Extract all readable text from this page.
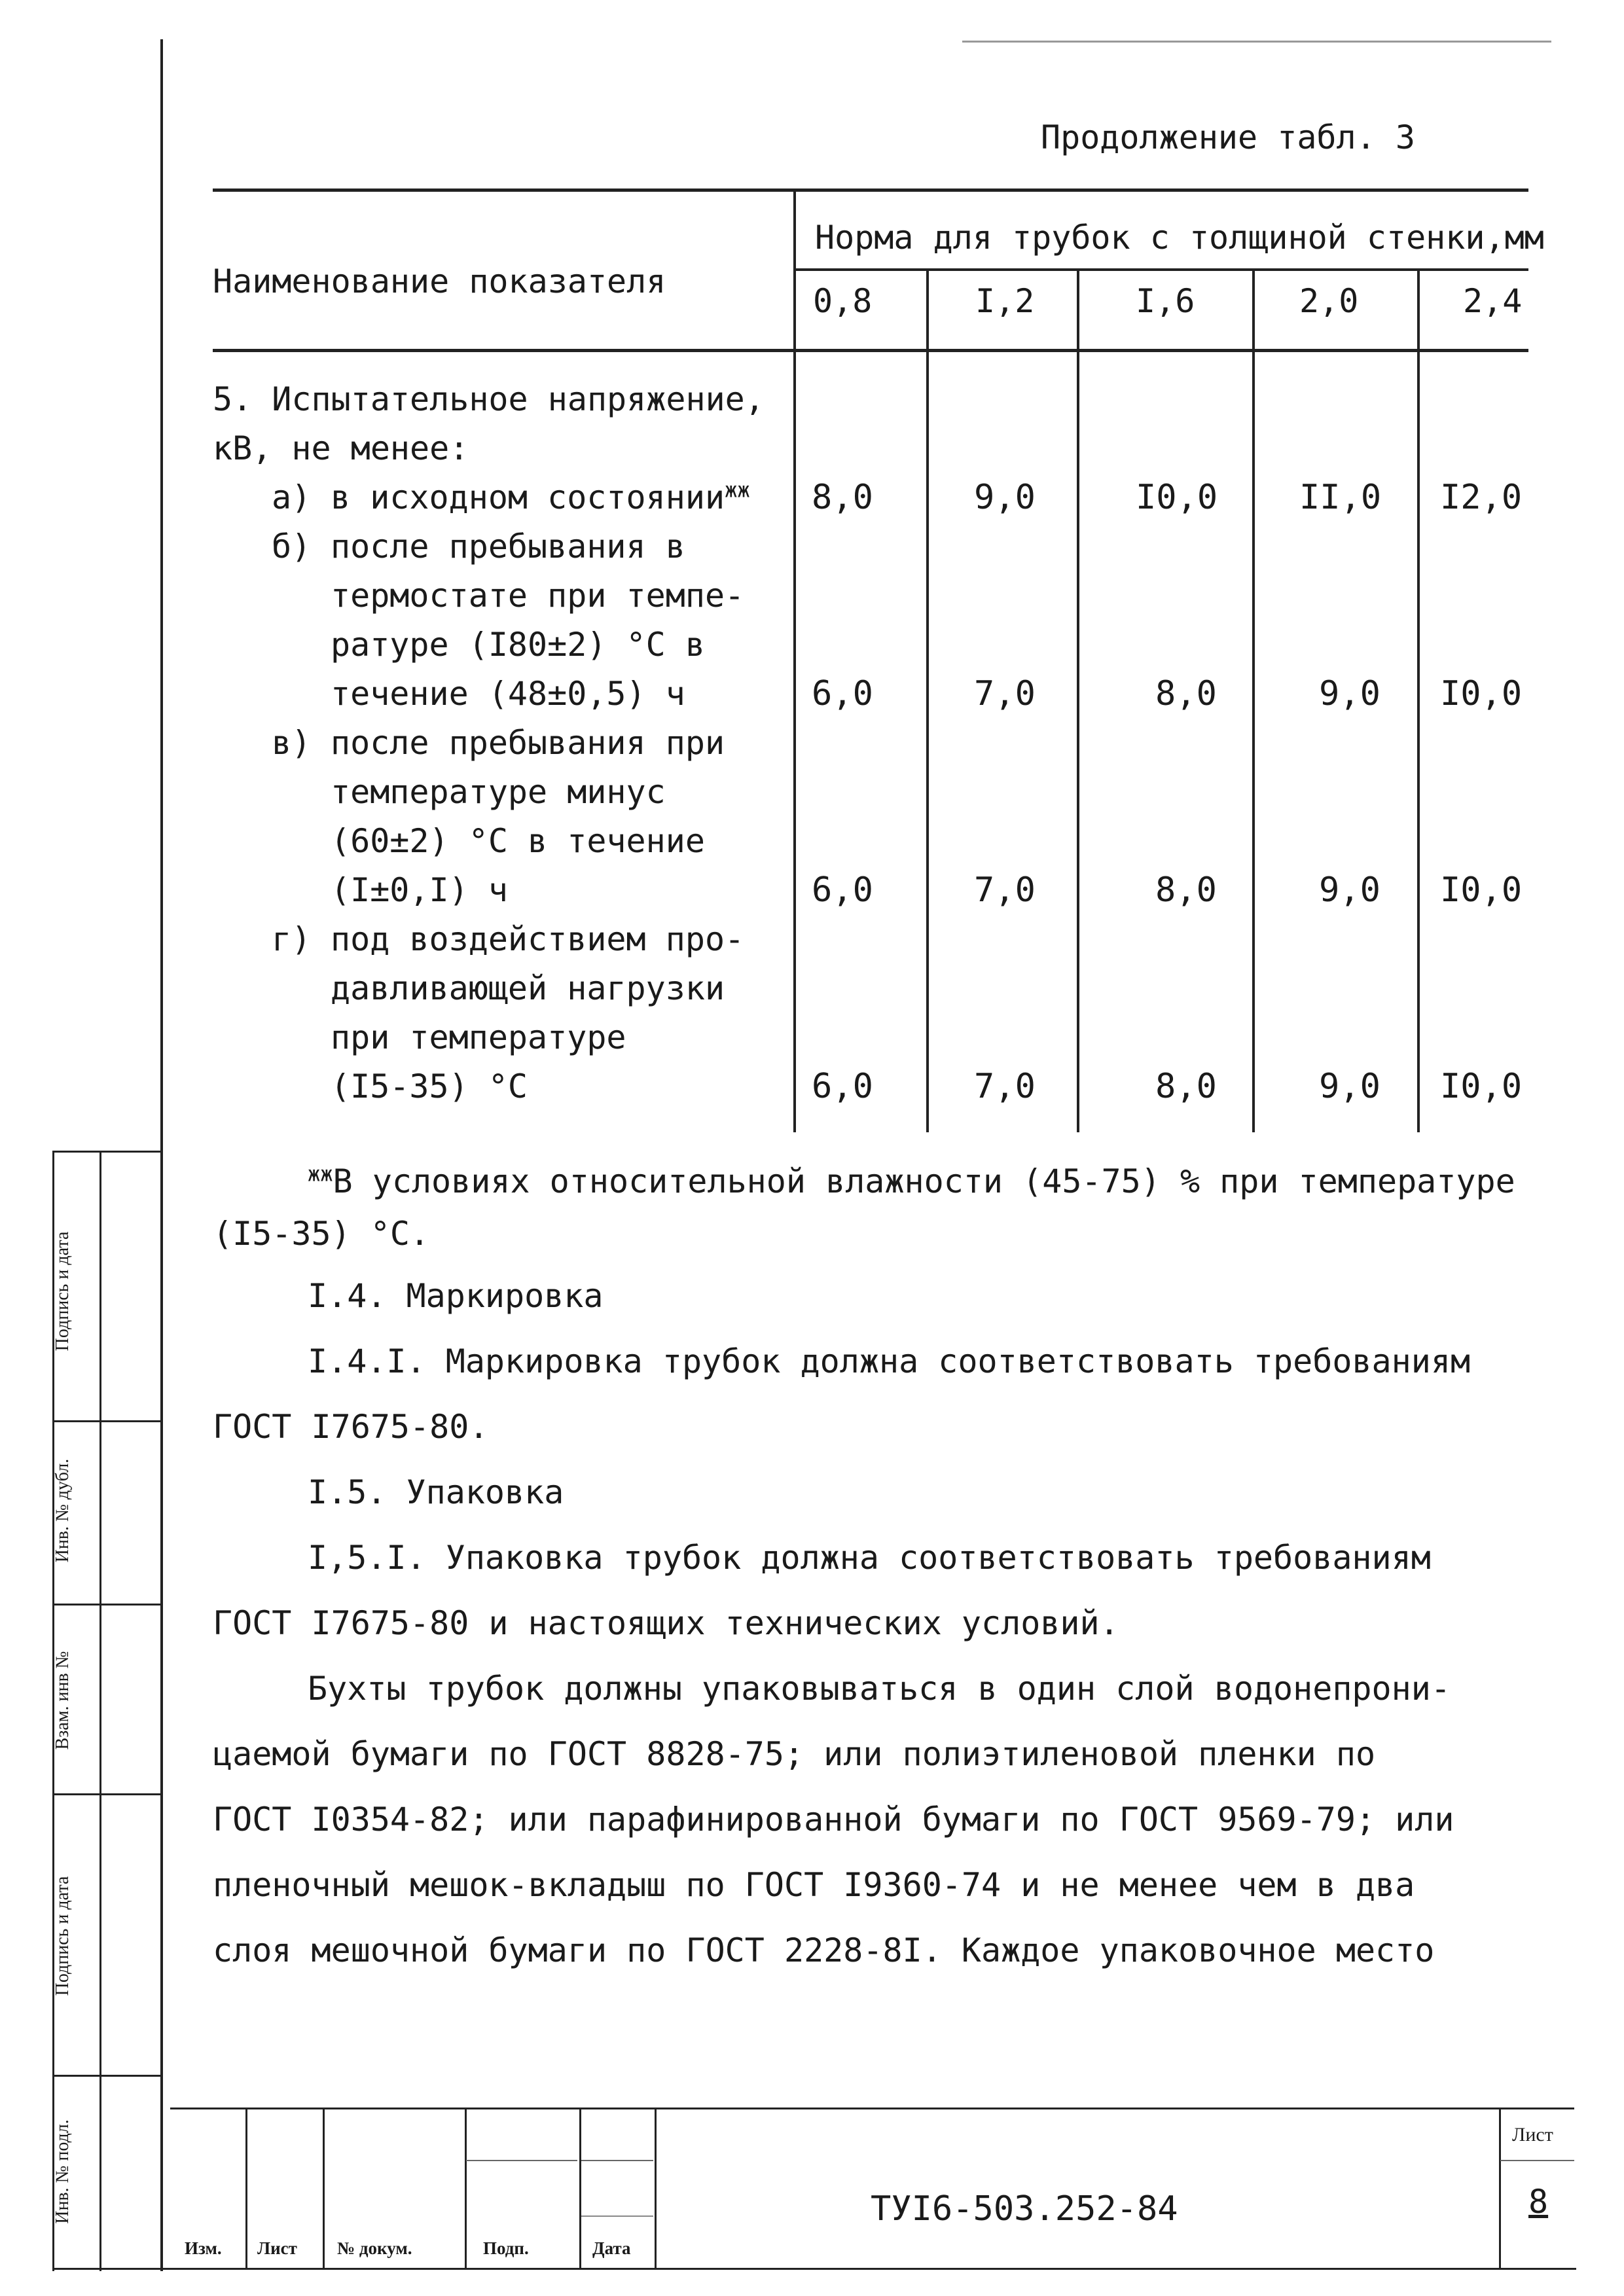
Продолжение табл. 3
Наименование показателя
Норма для трубок с толщиной стенки,мм
0,8	I,2	I,6	2,0	2,4
5. Испытательное напряжение,
кВ, не менее:
а) в исходном состоянии$^{жж}$ 8,0	9,0	I0,0 II,0 I2,0
б) после пребывания в
термостате при темпе-
ратуре (I80±2) °С в
течение (48±0,5) ч	6,0	7,0	8,0	9,0 I0,0
в) после пребывания при
температуре минус
(60±2) °С в течение
(I±0,I) ч	6,0	7,0	8,0	9,0 I0,0
г) под воздействием про-
давливающей нагрузки
при температуре
(I5-35) °С	6,0	7,0	8,0	9,0 I0,0
$^{жж}$В условиях относительной влажности (45-75) % при температуре
(I5-35) °С.
I.4. Маркировка
I.4.I. Маркировка трубок должна соответствовать требованиям
ГОСТ I7675-80.
I.5. Упаковка
I,5.I. Упаковка трубок должна соответствовать требованиям
ГОСТ I7675-80 и настоящих технических условий.
Бухты трубок должны упаковываться в один слой водонепрони-
цаемой бумаги по ГОСТ 8828-75; или полиэтиленовой пленки по
ГОСТ I0354-82; или парафинированной бумаги по ГОСТ 9569-79; или
пленочный мешок-вкладыш по ГОСТ I9360-74 и не менее чем в два
слоя мешочной бумаги по ГОСТ 2228-8I. Каждое упаковочное место
Подпись и дата
Инв. № дубл.
Взам. инв №
Подпись и дата
Инв. № подл.
Изм. Лист № докум.	Подп.	Дата
ТУI6-503.252-84
Лист
8
